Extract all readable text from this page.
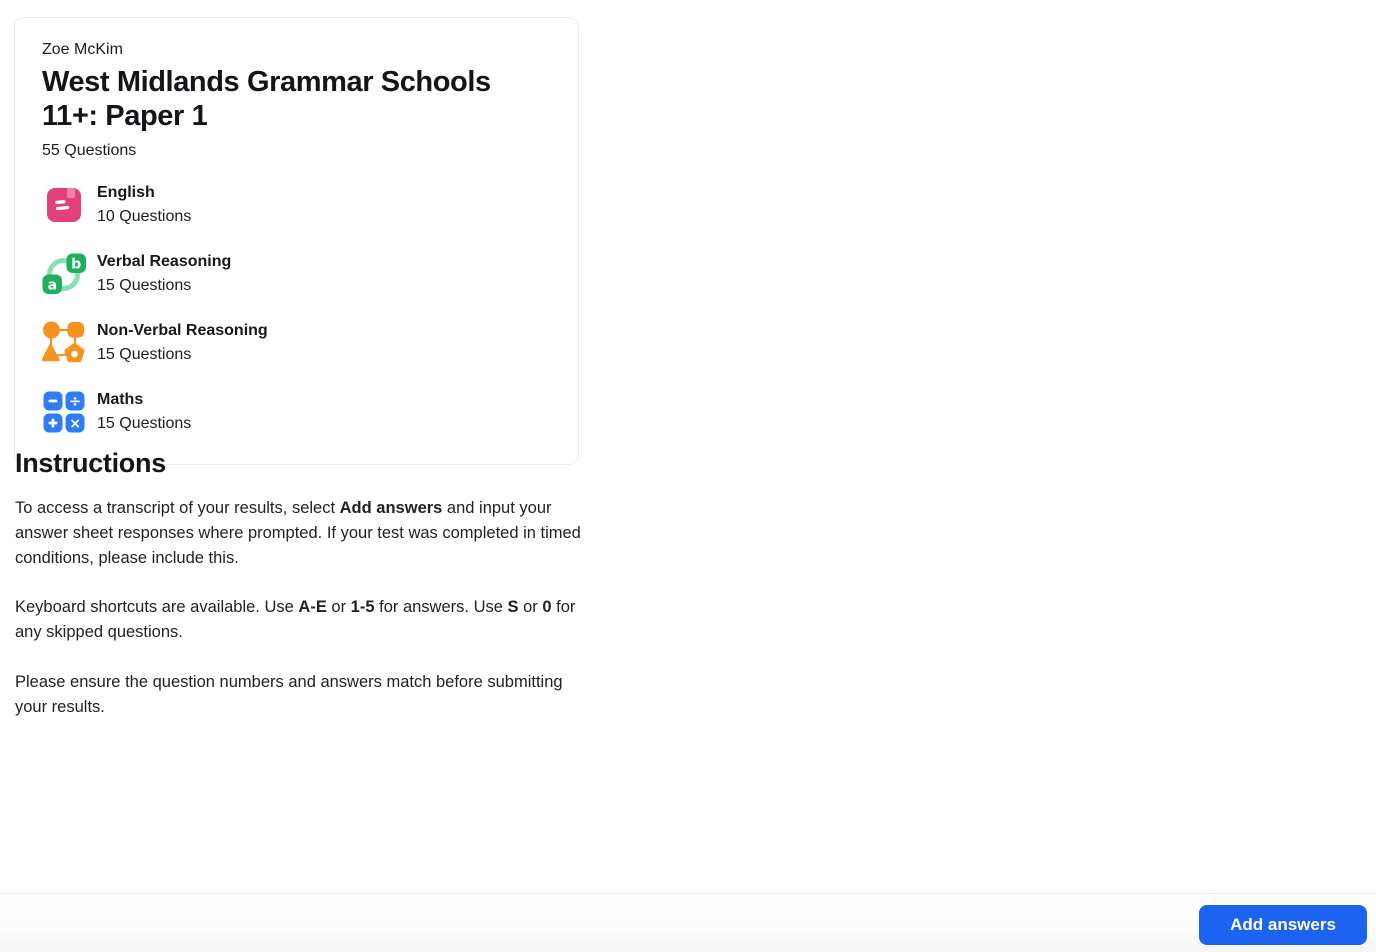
Zoe McKim
West Midlands Grammar Schools 11+: Paper 1
55 Questions
English
10 Questions
b
a
Verbal Reasoning
15 Questions
Non-Verbal Reasoning
15 Questions
÷
×
Maths
15 Questions
Instructions

To access a transcript of your results, select Add answers and input your answer sheet responses where prompted. If your test was completed in timed conditions, please include this.

Keyboard shortcuts are available. Use A-E or 1-5 for answers. Use S or 0 for any skipped questions.

Please ensure the question numbers and answers match before submitting your results.

Add answers
